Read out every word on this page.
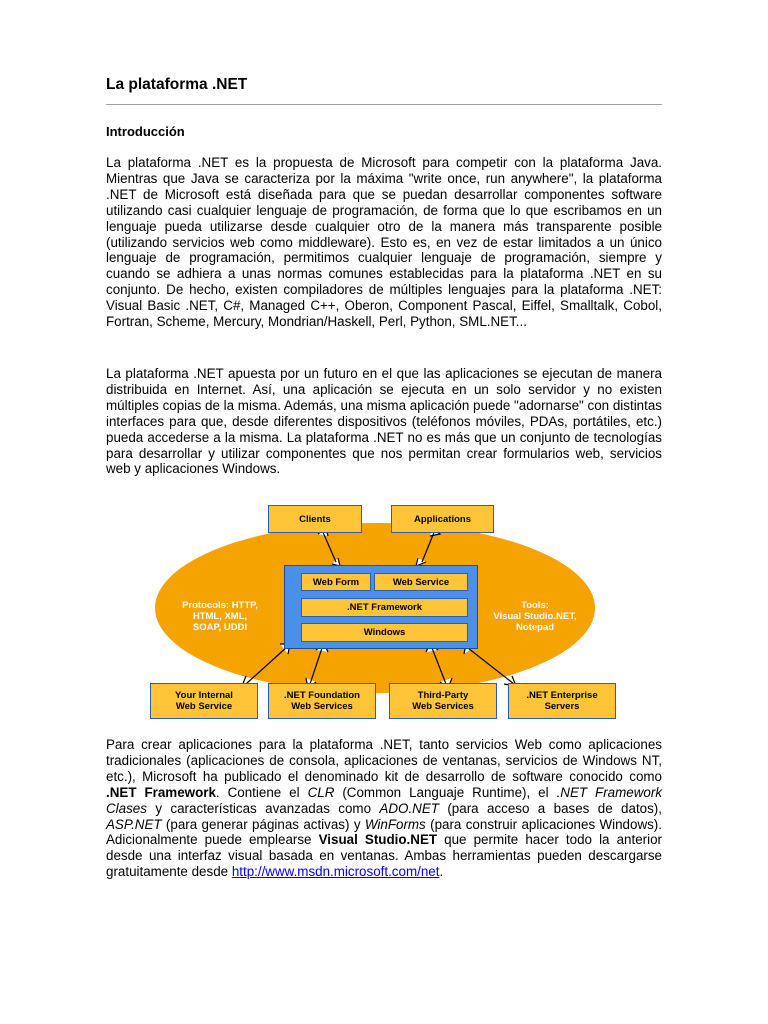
La plataforma .NET
Introducción

La plataforma .NET es la propuesta de Microsoft para competir con la plataforma Java. Mientras que Java se caracteriza por la máxima "write once, run anywhere", la plataforma .NET de Microsoft está diseñada para que se puedan desarrollar componentes software utilizando casi cualquier lenguaje de programación, de forma que lo que escribamos en un lenguaje pueda utilizarse desde cualquier otro de la manera más transparente posible (utilizando servicios web como middleware). Esto es, en vez de estar limitados a un único lenguaje de programación, permitimos cualquier lenguaje de programación, siempre y cuando se adhiera a unas normas comunes establecidas para la plataforma .NET en su conjunto. De hecho, existen compiladores de múltiples lenguajes para la plataforma .NET: Visual Basic .NET, C#, Managed C++, Oberon, Component Pascal, Eiffel, Smalltalk, Cobol, Fortran, Scheme, Mercury, Mondrian/Haskell, Perl, Python, SML.NET...

La plataforma .NET apuesta por un futuro en el que las aplicaciones se ejecutan de manera distribuida en Internet. Así, una aplicación se ejecuta en un solo servidor y no existen múltiples copias de la misma. Además, una misma aplicación puede "adornarse" con distintas interfaces para que, desde diferentes dispositivos (teléfonos móviles, PDAs, portátiles, etc.) pueda accederse a la misma. La plataforma .NET no es más que un conjunto de tecnologías para desarrollar y utilizar componentes que nos permitan crear formularios web, servicios web y aplicaciones Windows.

Para crear aplicaciones para la plataforma .NET, tanto servicios Web como aplicaciones tradicionales (aplicaciones de consola, aplicaciones de ventanas, servicios de Windows NT, etc.), Microsoft ha publicado el denominado kit de desarrollo de software conocido como .NET Framework. Contiene el CLR (Common Languaje Runtime), el .NET Framework Clases y características avanzadas como ADO.NET (para acceso a bases de datos), ASP.NET (para generar páginas activas) y WinForms (para construir aplicaciones Windows). Adicionalmente puede emplearse Visual Studio.NET que permite hacer todo la anterior desde una interfaz visual basada en ventanas. Ambas herramientas pueden descargarse gratuitamente desde http://www.msdn.microsoft.com/net.

Clients	Applications
Web Form	Web Service
.NET Framework
Windows
Protocols: HTTP,
HTML, XML,
SOAP, UDDI
Tools:
Visual Studio.NET,
Notepad
Your Internal
Web Service
.NET Foundation
Web Services
Third-Party
Web Services
.NET Enterprise
Servers
